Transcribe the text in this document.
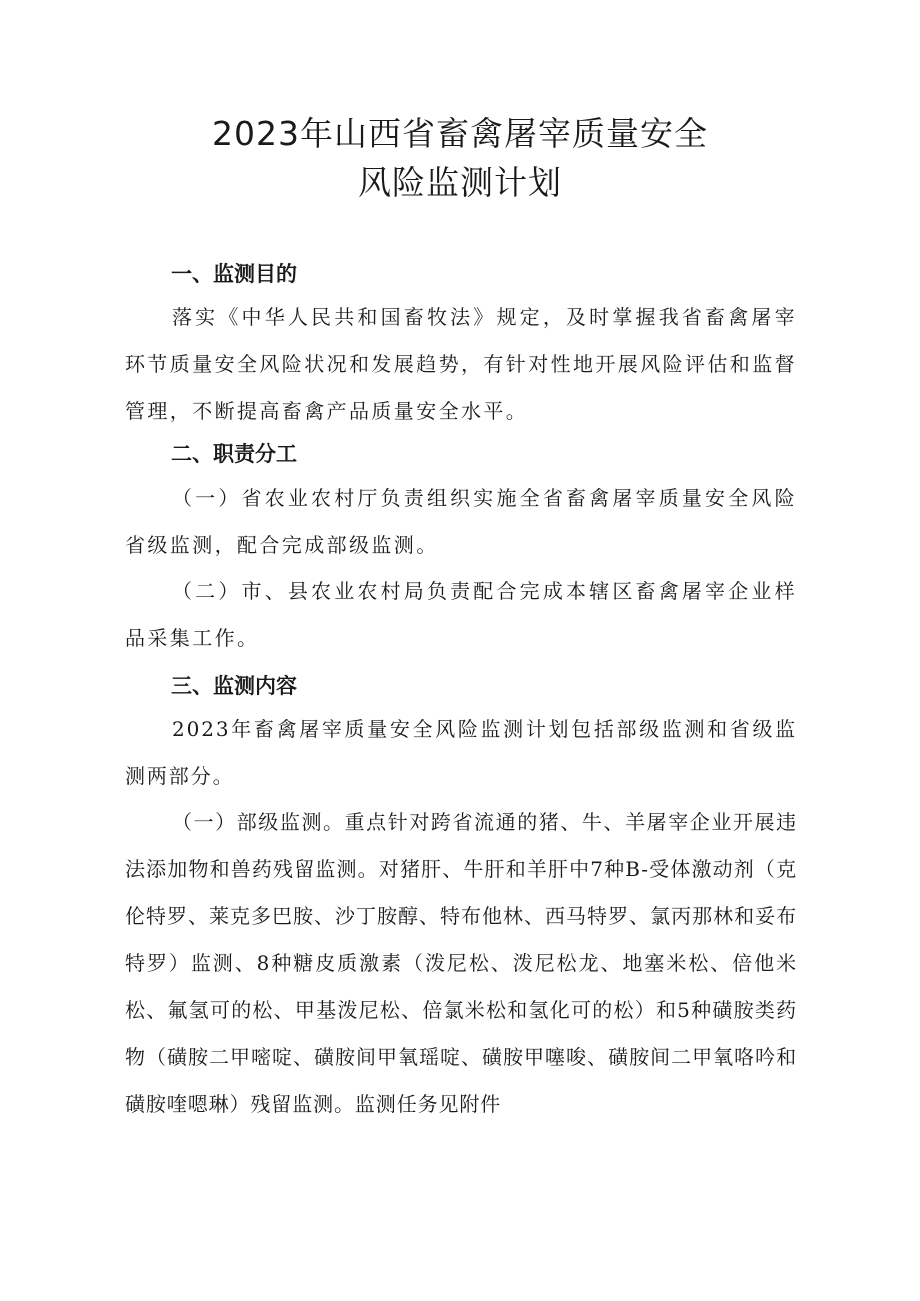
2023年山西省畜禽屠宰质量安全
风险监测计划
一、监测目的
落实《中华人民共和国畜牧法》规定，及时掌握我省畜禽屠宰环节质量安全风险状况和发展趋势，有针对性地开展风险评估和监督管理，不断提高畜禽产品质量安全水平。
二、职责分工
（一）省农业农村厅负责组织实施全省畜禽屠宰质量安全风险省级监测，配合完成部级监测。
（二）市、县农业农村局负责配合完成本辖区畜禽屠宰企业样品采集工作。
三、监测内容
2023年畜禽屠宰质量安全风险监测计划包括部级监测和省级监测两部分。
（一）部级监测。重点针对跨省流通的猪、牛、羊屠宰企业开展违法添加物和兽药残留监测。对猪肝、牛肝和羊肝中7种B-受体激动剂（克伦特罗、莱克多巴胺、沙丁胺醇、特布他林、西马特罗、氯丙那林和妥布特罗）监测、8种糖皮质激素（泼尼松、泼尼松龙、地塞米松、倍他米松、氟氢可的松、甲基泼尼松、倍氯米松和氢化可的松）和5种磺胺类药物（磺胺二甲嘧啶、磺胺间甲氧瑶啶、磺胺甲噻唆、磺胺间二甲氧咯吟和磺胺喹嗯琳）残留监测。监测任务见附件
